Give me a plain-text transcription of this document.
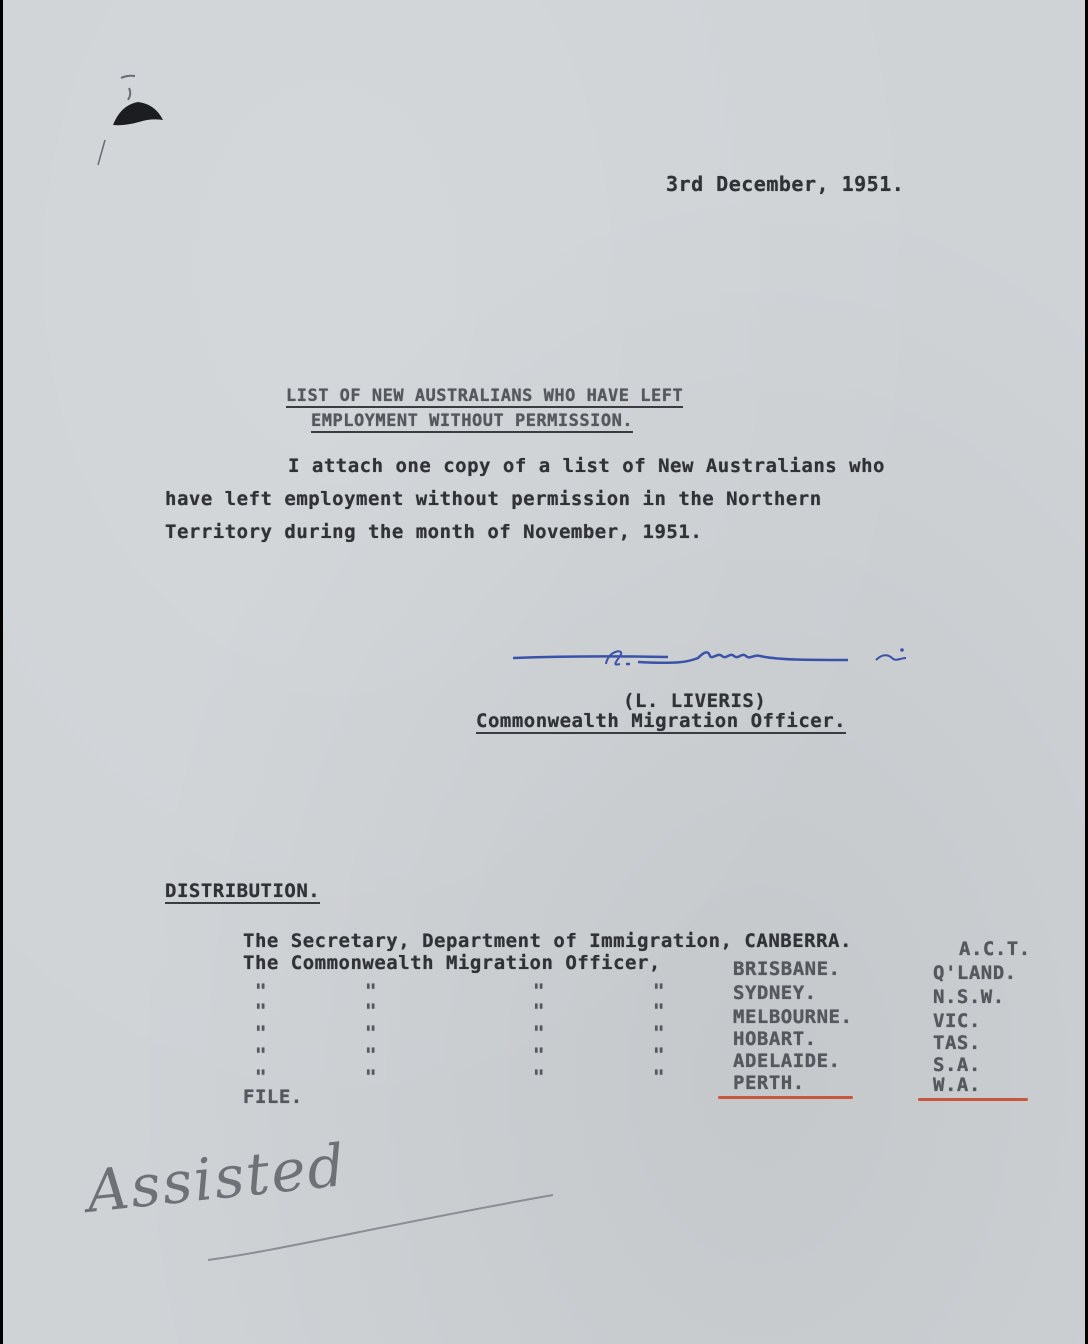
3rd December, 1951.
LIST OF NEW AUSTRALIANS WHO HAVE LEFT
EMPLOYMENT WITHOUT PERMISSION.
I attach one copy of a list of New Australians who
have left employment without permission in the Northern
Territory during the month of November, 1951.
(L. LIVERIS)
Commonwealth Migration Officer.
DISTRIBUTION.
The Secretary, Department of Immigration, CANBERRA.	A.C.T.
The Commonwealth Migration Officer,	BRISBANE.	Q'LAND.
"	"	"	"	SYDNEY.	N.S.W.
"	"	"	"	MELBOURNE.	VIC.
"	"	"	"	HOBART.	TAS.
"	"	"	"	ADELAIDE.	S.A.
"	"	"	"	PERTH.	W.A.
FILE.
Assisted
